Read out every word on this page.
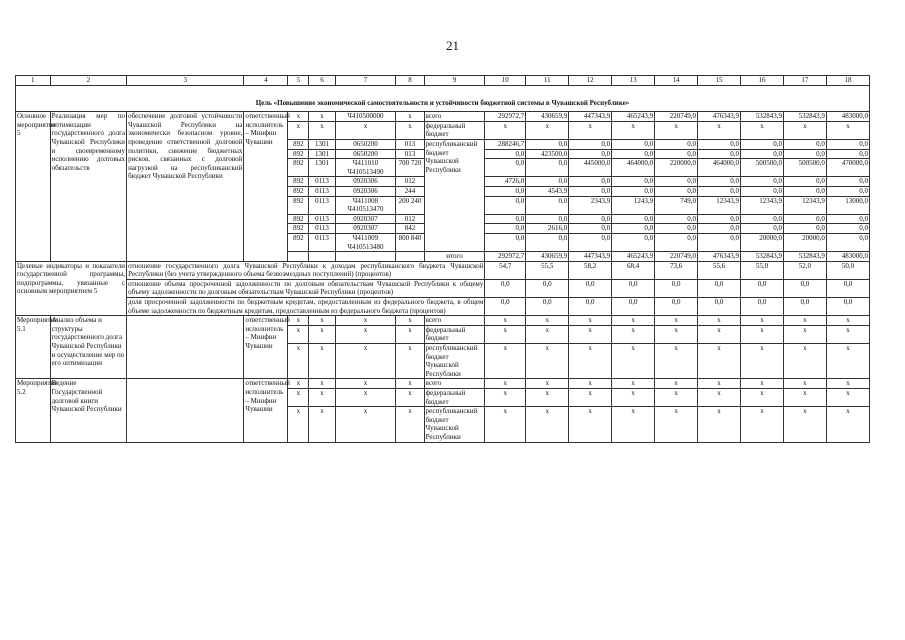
21
1	2	3	4	5	6	7	8	9	10	11	12	13	14	15	16	17	18
Цель «Повышение экономической самостоятельности и устойчивости бюджетной системы в Чувашской Республике»																	
Основное мероприятие 5	Реализация мер по оптимизации государственного долга Чувашской Республики и своевременному исполнению долговых обязательств	обеспечение долговой устойчивости Чувашской Республики на экономически безопасном уровне, проведение ответственной долговой политики, снижение бюджетных рисков, связанных с долговой нагрузкой на республиканский бюджет Чувашской Республики	ответственный исполнитель – Минфин Чувашии	x	x	Ч410500000	x	всего	292972,7	430659,9	447343,9	465243,9	220749,0	476343,9	532843,9	532843,9	483000,0
				x	x	x	x	федеральный бюджет	x	x	x	x	x	x	x	x	x
				892	1301	0650200	013	республиканский бюджет Чувашской Республики	288246,7	0,0	0,0	0,0	0,0	0,0	0,0	0,0	0,0
				892	1301	0650200	013		0,0	423500,0	0,0	0,0	0,0	0,0	0,0	0,0	0,0
				892	1301	Ч411010 Ч410513490	700 720		0,0	0,0	445000,0	464000,0	220000,0	464000,0	500500,0	500500,0	470000,0
				892	0113	0920306	012		4726,0	0,0	0,0	0,0	0,0	0,0	0,0	0,0	0,0
				892	0113	0920306	244		0,0	4543,9	0,0	0,0	0,0	0,0	0,0	0,0	0,0
				892	0113	Ч411008 Ч410513470	200 240		0,0	0,0	2343,9	1243,9	749,0	12343,9	12343,9	12343,9	13000,0
				892	0113	0920307	012		0,0	0,0	0,0	0,0	0,0	0,0	0,0	0,0	0,0
				892	0113	0920307	842		0,0	2616,0	0,0	0,0	0,0	0,0	0,0	0,0	0,0
				892	0113	Ч411009 Ч410513480	800 840		0,0	0,0	0,0	0,0	0,0	0,0	20000,0	20000,0	0,0
								итого	292972,7	430659,9	447343,9	465243,9	220749,0	476343,9	532843,9	532843,9	483000,0
Целевые индикаторы и показатели государственной программы, подпрограммы, увязанные с основным мероприятием 5		отношение государственного долга Чувашской Республики к доходам республиканского бюджета Чувашской Республики (без учета утвержденного объема безвозмездных поступлений) (процентов)							54,7	55,5	58,2	68,4	73,6	55,6	55,0	52,0	50,0
		отношение объема просроченной задолженности по долговым обязательствам Чувашской Республики к общему объему задолженности по долговым обязательствам Чувашской Республики (процентов)							0,0	0,0	0,0	0,0	0,0	0,0	0,0	0,0	0,0
		доля просроченной задолженности по бюджетным кредитам, предоставленным из федерального бюджета, в общем объеме задолженности по бюджетным кредитам, предоставленным из федерального бюджета (процентов)							0,0	0,0	0,0	0,0	0,0	0,0	0,0	0,0	0,0
Мероприятие 5.1	Анализ объема и структуры государственного долга Чувашской Республики и осуществление мер по его оптимизации		ответственный исполнитель – Минфин Чувашии	x	x	x	x	всего	x	x	x	x	x	x	x	x	x
				x	x	x	x	федеральный бюджет	x	x	x	x	x	x	x	x	x
				x	x	x	x	республиканский бюджет Чувашской Республики	x	x	x	x	x	x	x	x	x
Мероприятие 5.2	Ведение Государственной долговой книги Чувашской Республики		ответственный исполнитель – Минфин Чувашии	x	x	x	x	всего	x	x	x	x	x	x	x	x	x
				x	x	x	x	федеральный бюджет	x	x	x	x	x	x	x	x	x
				x	x	x	x	республиканский бюджет Чувашской Республики	x	x	x	x	x	x	x	x	x
